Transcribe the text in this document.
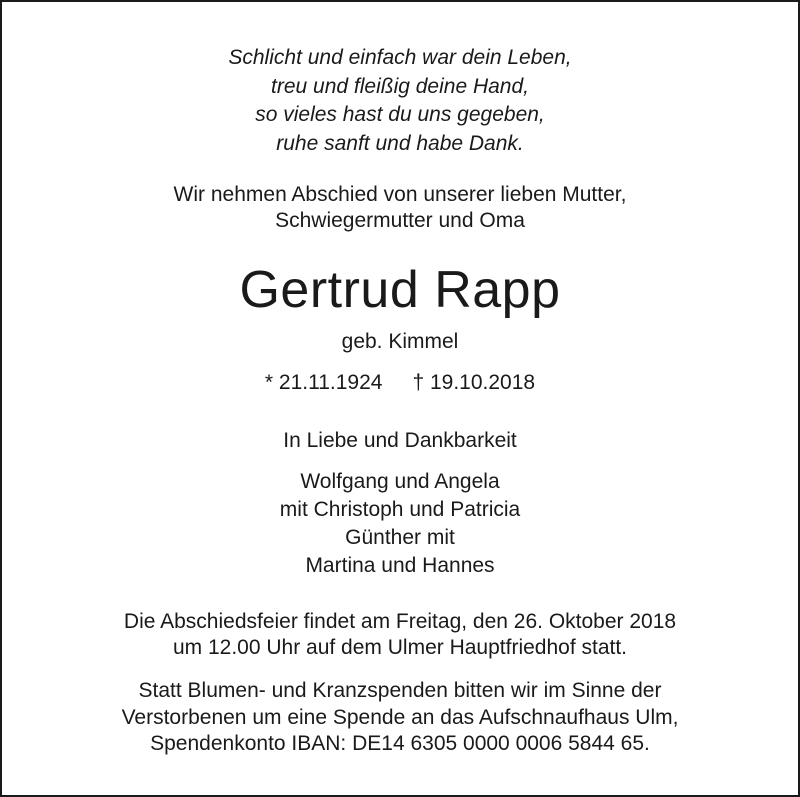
Schlicht und einfach war dein Leben,
treu und fleißig deine Hand,
so vieles hast du uns gegeben,
ruhe sanft und habe Dank.
Wir nehmen Abschied von unserer lieben Mutter,
Schwiegermutter und Oma
Gertrud Rapp
geb. Kimmel
* 21.11.1924 † 19.10.2018
In Liebe und Dankbarkeit
Wolfgang und Angela
mit Christoph und Patricia
Günther mit
Martina und Hannes
Die Abschiedsfeier findet am Freitag, den 26. Oktober 2018
um 12.00 Uhr auf dem Ulmer Hauptfriedhof statt.
Statt Blumen- und Kranzspenden bitten wir im Sinne der
Verstorbenen um eine Spende an das Aufschnaufhaus Ulm,
Spendenkonto IBAN: DE14 6305 0000 0006 5844 65.
